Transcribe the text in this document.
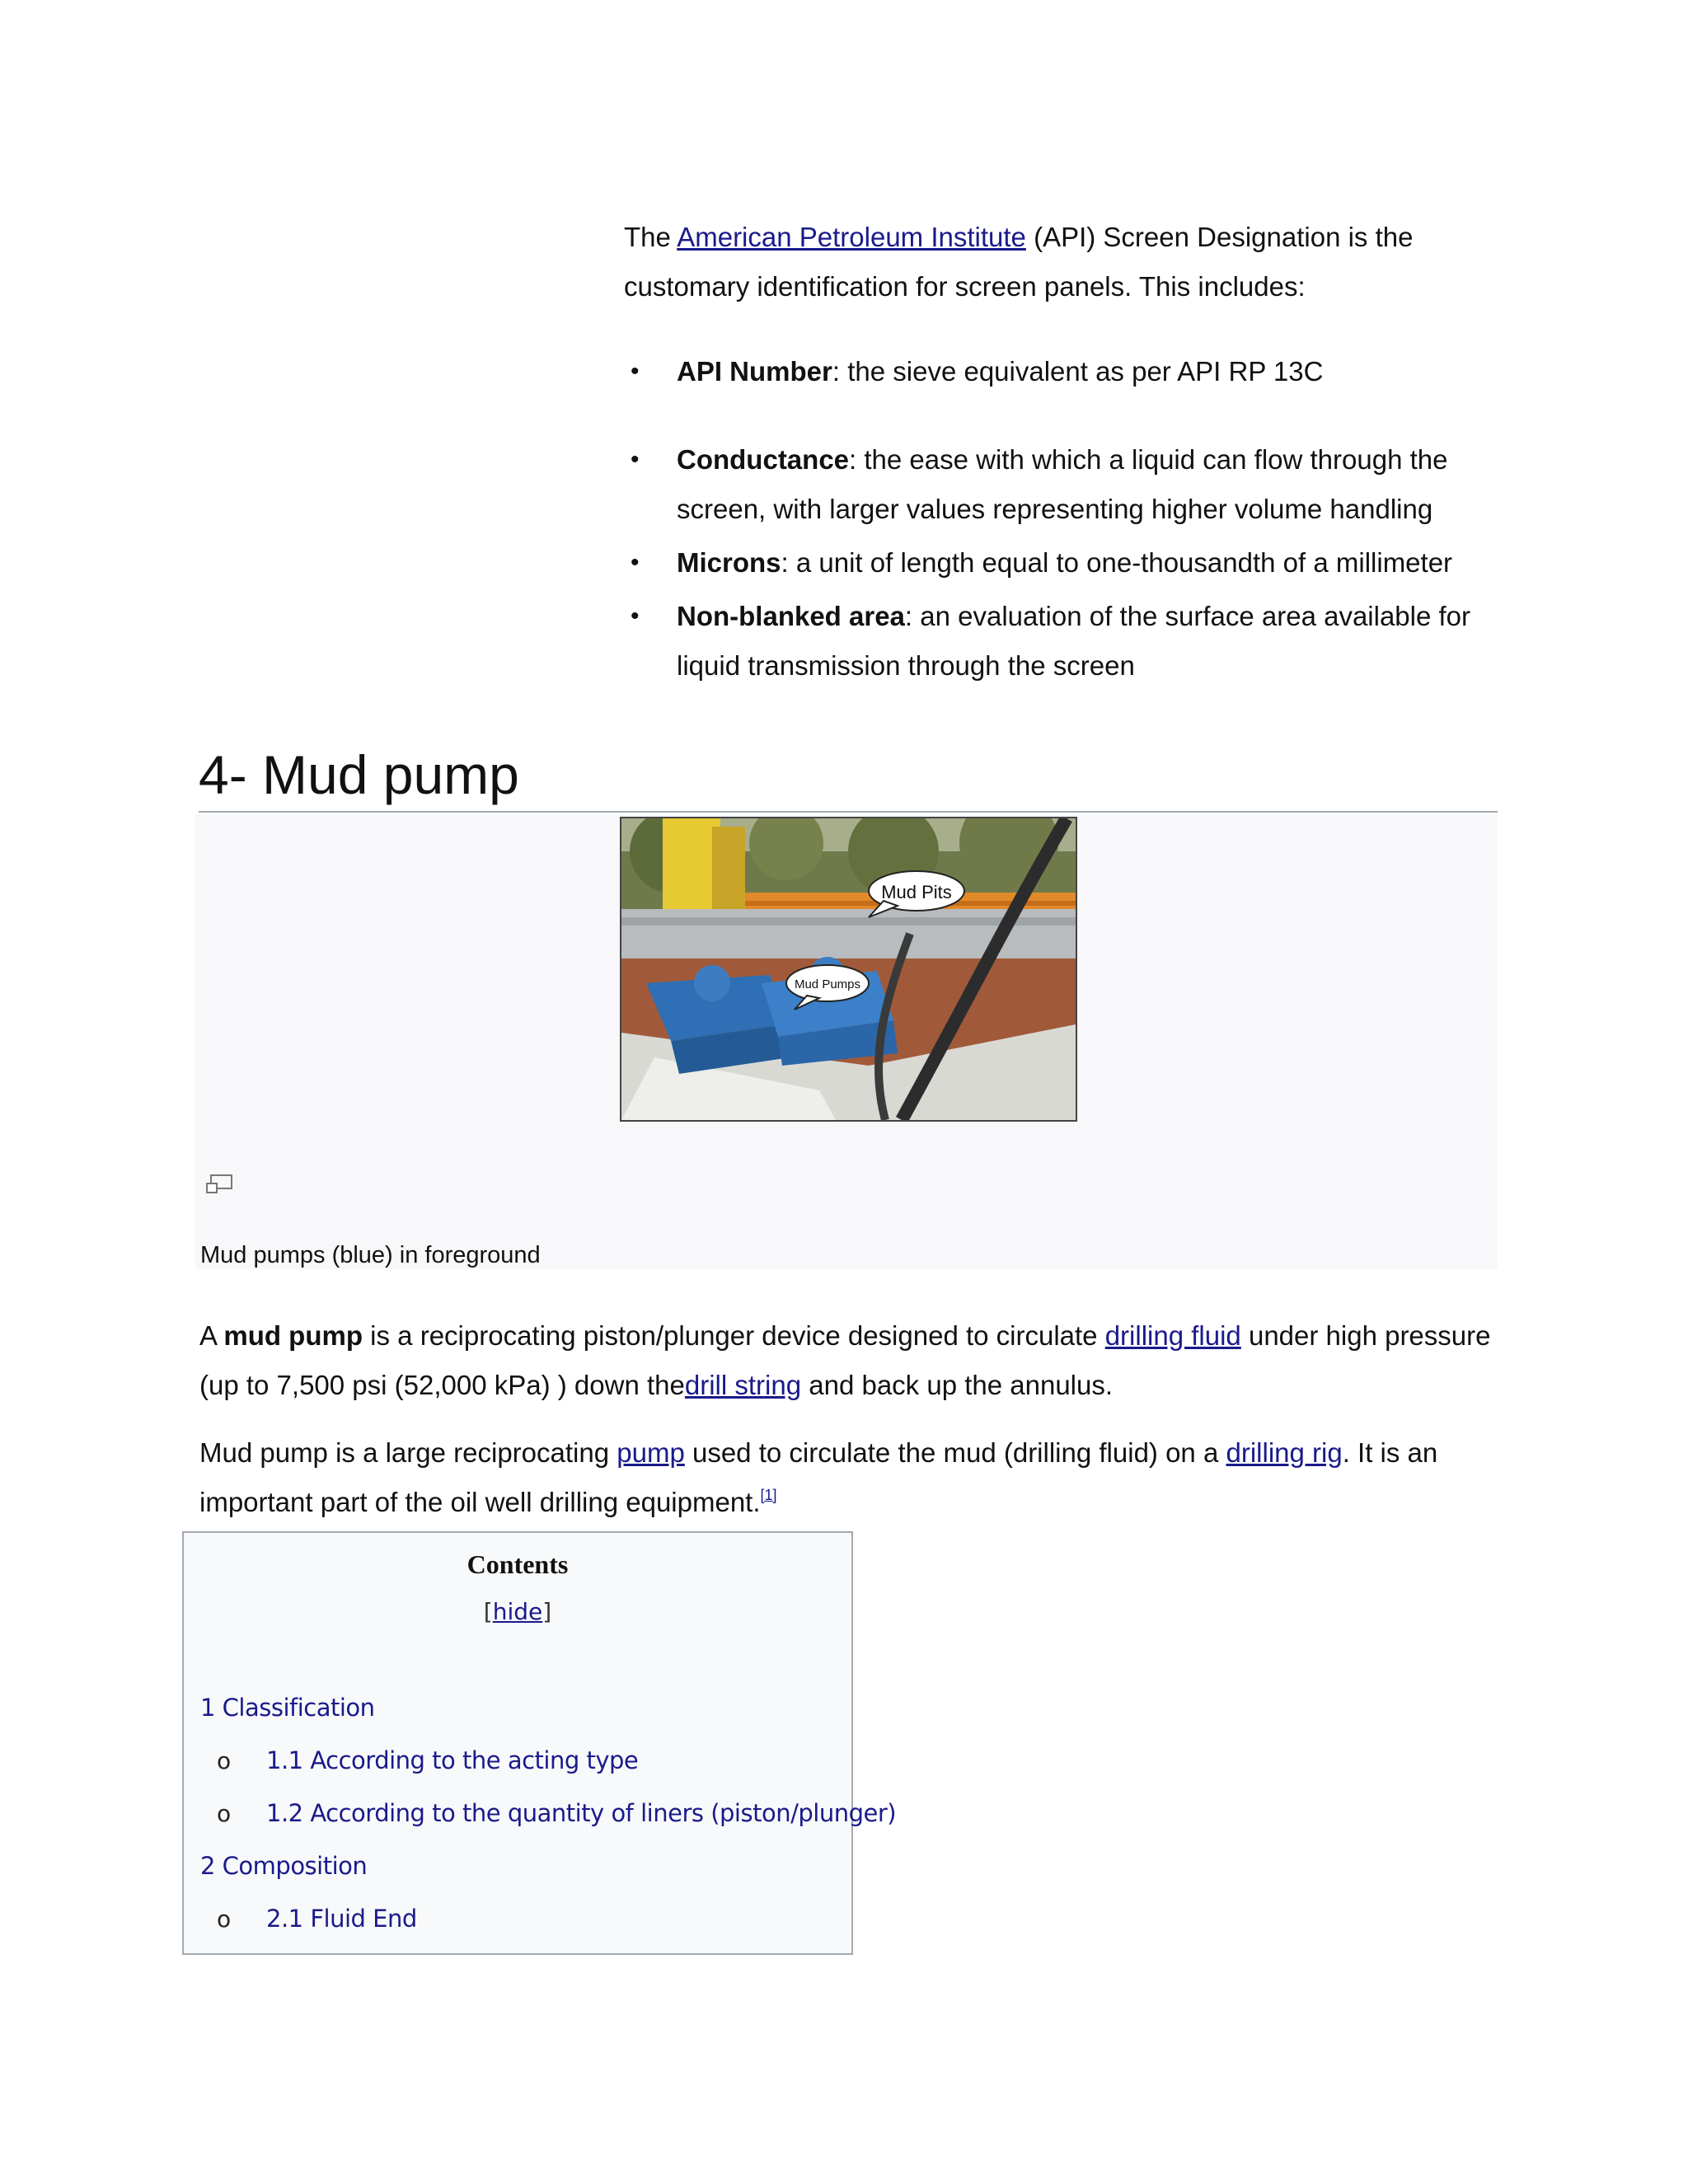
The American Petroleum Institute (API) Screen Designation is the customary identification for screen panels. This includes:

• API Number: the sieve equivalent as per API RP 13C
• Conductance: the ease with which a liquid can flow through the screen, with larger values representing higher volume handling
• Microns: a unit of length equal to one-thousandth of a millimeter
• Non-blanked area: an evaluation of the surface area available for liquid transmission through the screen
4- Mud pump
Mud Pits
Mud Pumps
Mud pumps (blue) in foreground

A mud pump is a reciprocating piston/plunger device designed to circulate drilling fluid under high pressure (up to 7,500 psi (52,000 kPa) ) down thedrill string and back up the annulus.

Mud pump is a large reciprocating pump used to circulate the mud (drilling fluid) on a drilling rig. It is an important part of the oil well drilling equipment.[1]

Contents
[hide]
1 Classification
o 1.1 According to the acting type
o 1.2 According to the quantity of liners (piston/plunger)
2 Composition
o 2.1 Fluid End
